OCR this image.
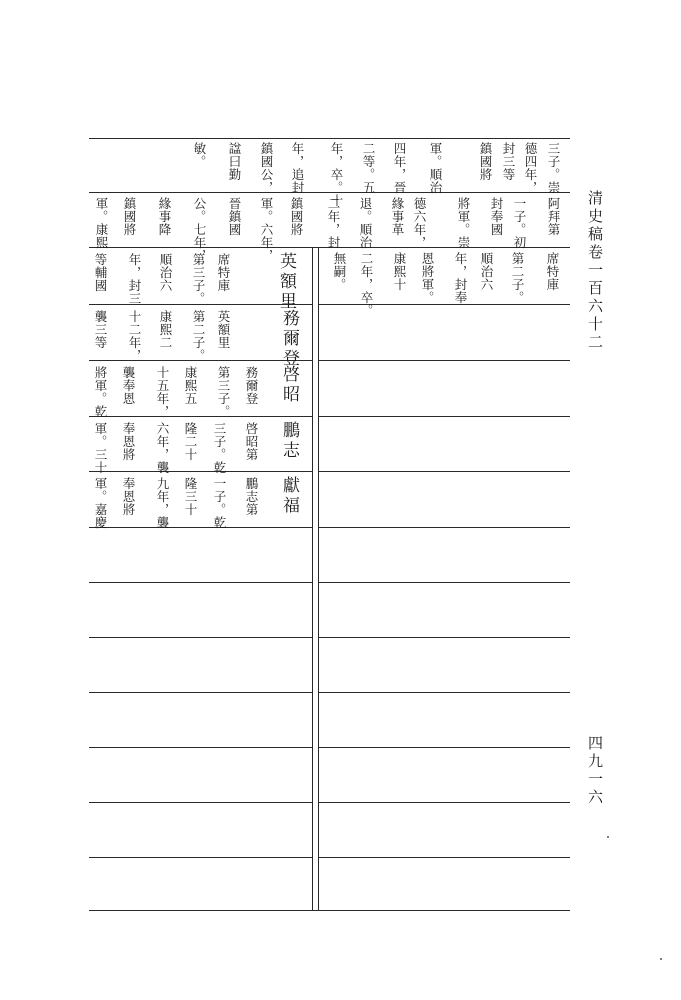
三子。崇
德四年，
封三等
鎮國將
軍。順治
四年，晉
二等。五
年，卒。十
年，追封
鎮國公，
諡曰勤
敏。
阿拜第
一子。初
封奉國
將軍。崇
德六年，
緣事革
退。順治
二年，封
鎮國將
軍。六年，
晉鎮國
公。七年，
緣事降
鎮國將
軍。康熙
席特庫
第二子。
順治六
年，封奉
恩將軍。
康熙十
二年，卒。
無嗣。
英額里
席特庫
第三子。
順治六
年，封三
等輔國
務爾登
英額里
第二子。
康熙二
十二年，
襲三等
啓昭
務爾登
第三子。
康熙五
十五年，
襲奉恩
將軍。乾
鵬志
啓昭第
三子。乾
隆二十
六年，襲
奉恩將
軍。三十
獻福
鵬志第
一子。乾
隆三十
九年，襲
奉恩將
軍。嘉慶
清史稿卷一百六十二
四九一六
